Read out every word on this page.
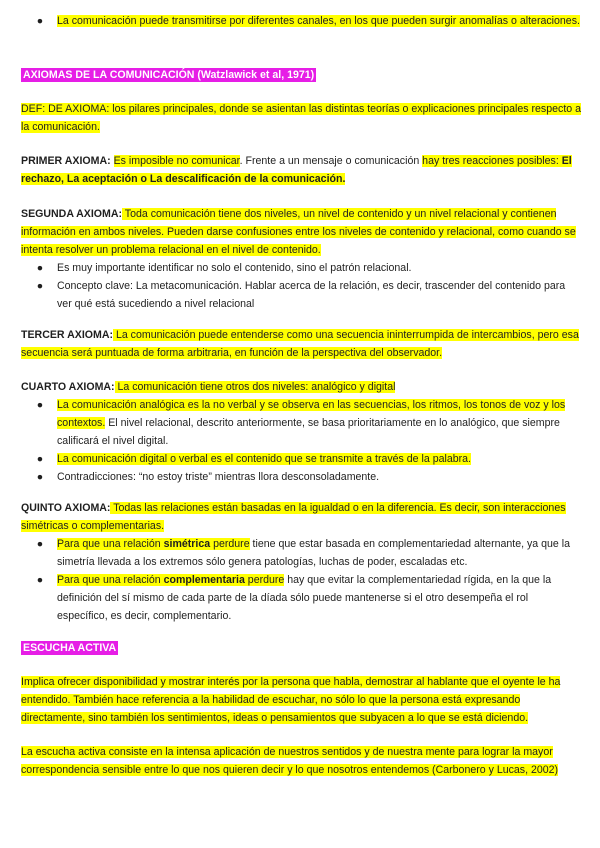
● La comunicación puede transmitirse por diferentes canales, en los que pueden surgir anomalías o alteraciones.

AXIOMAS DE LA COMUNICACIÓN (Watzlawick et al, 1971)

DEF: DE AXIOMA: los pilares principales, donde se asientan las distintas teorías o explicaciones principales respecto a la comunicación.

PRIMER AXIOMA: Es imposible no comunicar. Frente a un mensaje o comunicación hay tres reacciones posibles: El rechazo, La aceptación o La descalificación de la comunicación.

SEGUNDA AXIOMA: Toda comunicación tiene dos niveles, un nivel de contenido y un nivel relacional y contienen información en ambos niveles. Pueden darse confusiones entre los niveles de contenido y relacional, como cuando se intenta resolver un problema relacional en el nivel de contenido.

● Es muy importante identificar no solo el contenido, sino el patrón relacional.
● Concepto clave: La metacomunicación. Hablar acerca de la relación, es decir, trascender del contenido para ver qué está sucediendo a nivel relacional

TERCER AXIOMA: La comunicación puede entenderse como una secuencia ininterrumpida de intercambios, pero esa secuencia será puntuada de forma arbitraria, en función de la perspectiva del observador.

CUARTO AXIOMA: La comunicación tiene otros dos niveles: analógico y digital

● La comunicación analógica es la no verbal y se observa en las secuencias, los ritmos, los tonos de voz y los contextos. El nivel relacional, descrito anteriormente, se basa prioritariamente en lo analógico, que siempre calificará el nivel digital.
● La comunicación digital o verbal es el contenido que se transmite a través de la palabra.
● Contradicciones: “no estoy triste” mientras llora desconsoladamente.

QUINTO AXIOMA: Todas las relaciones están basadas en la igualdad o en la diferencia. Es decir, son interacciones simétricas o complementarias.

● Para que una relación simétrica perdure tiene que estar basada en complementariedad alternante, ya que la simetría llevada a los extremos sólo genera patologías, luchas de poder, escaladas etc.
● Para que una relación complementaria perdure hay que evitar la complementariedad rígida, en la que la definición del sí mismo de cada parte de la díada sólo puede mantenerse si el otro desempeña el rol específico, es decir, complementario.

ESCUCHA ACTIVA

Implica ofrecer disponibilidad y mostrar interés por la persona que habla, demostrar al hablante que el oyente le ha entendido. También hace referencia a la habilidad de escuchar, no sólo lo que la persona está expresando directamente, sino también los sentimientos, ideas o pensamientos que subyacen a lo que se está diciendo.

La escucha activa consiste en la intensa aplicación de nuestros sentidos y de nuestra mente para lograr la mayor correspondencia sensible entre lo que nos quieren decir y lo que nosotros entendemos (Carbonero y Lucas, 2002)
